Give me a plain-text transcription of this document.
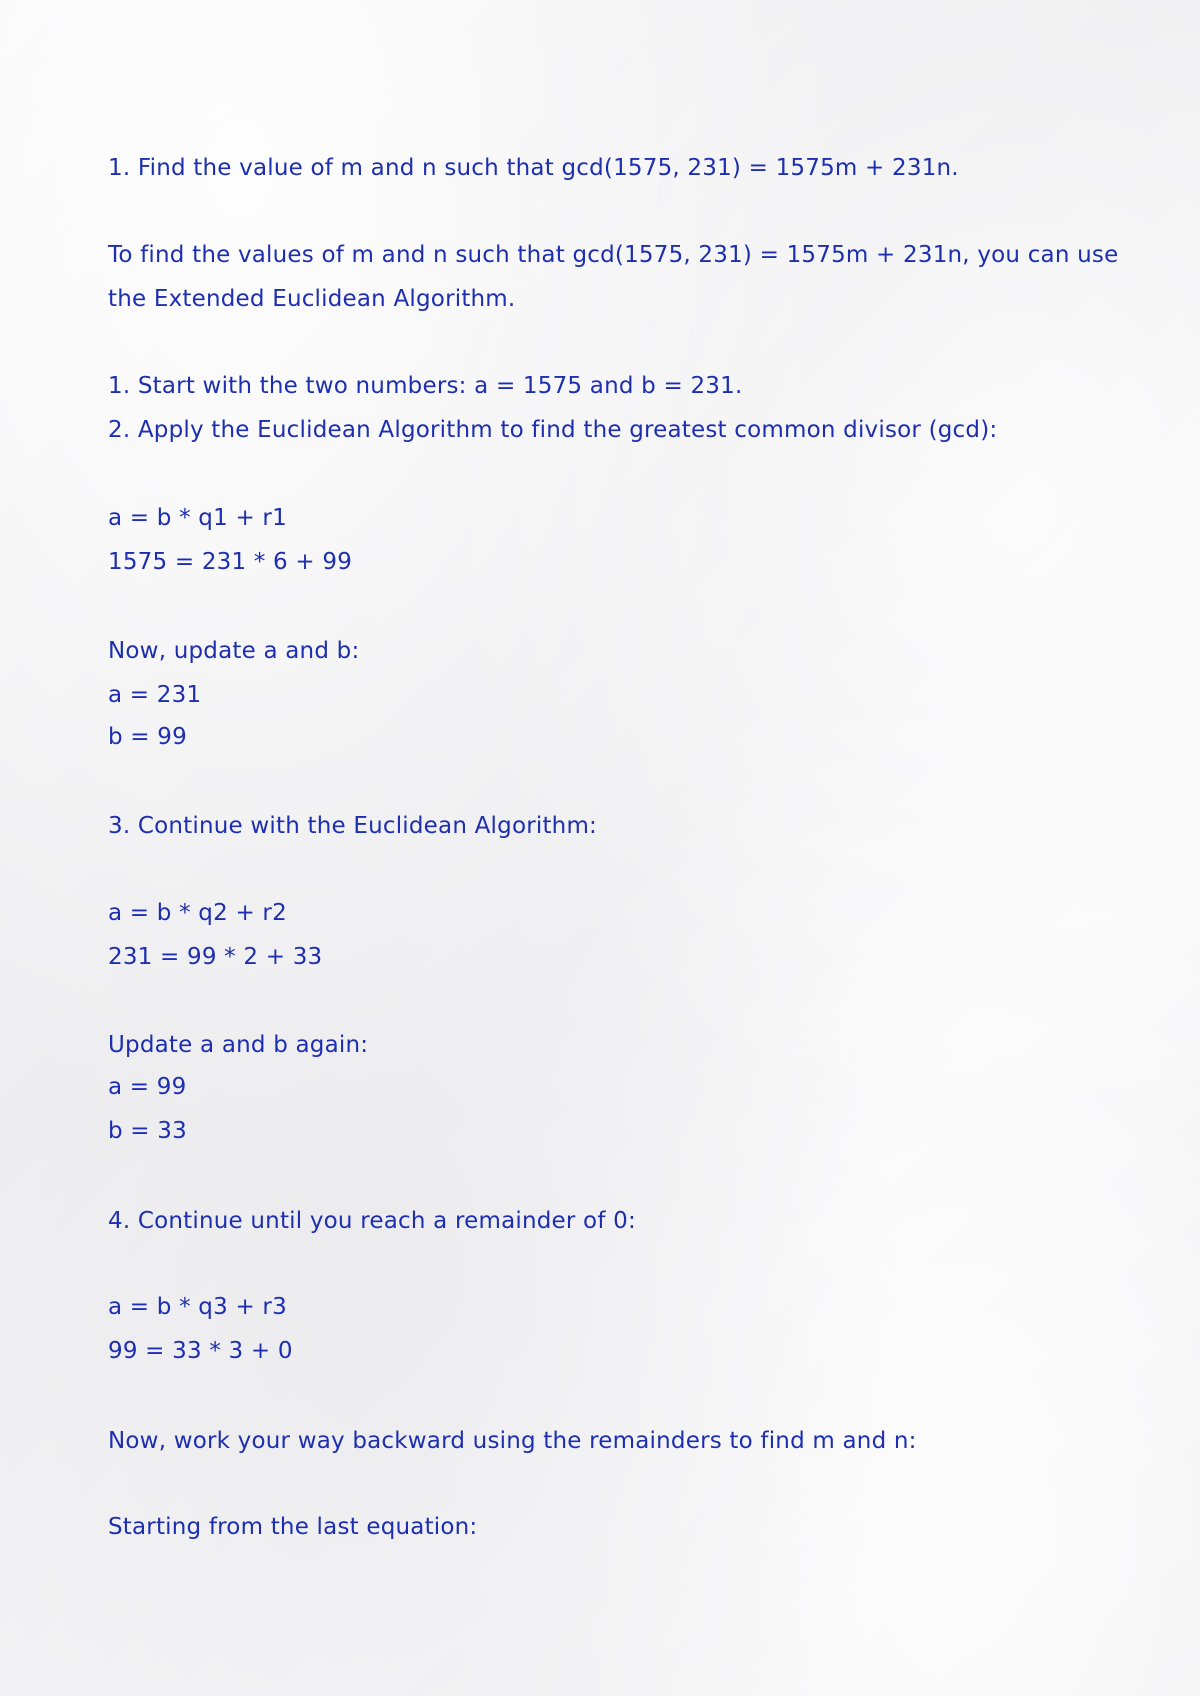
1. Find the value of m and n such that gcd(1575, 231) = 1575m + 231n.

To find the values of m and n such that gcd(1575, 231) = 1575m + 231n, you can use

the Extended Euclidean Algorithm.

1. Start with the two numbers: a = 1575 and b = 231.

2. Apply the Euclidean Algorithm to find the greatest common divisor (gcd):

a = b * q1 + r1

1575 = 231 * 6 + 99

Now, update a and b:

a = 231

b = 99

3. Continue with the Euclidean Algorithm:

a = b * q2 + r2

231 = 99 * 2 + 33

Update a and b again:

a = 99

b = 33

4. Continue until you reach a remainder of 0:

a = b * q3 + r3

99 = 33 * 3 + 0

Now, work your way backward using the remainders to find m and n:

Starting from the last equation:
